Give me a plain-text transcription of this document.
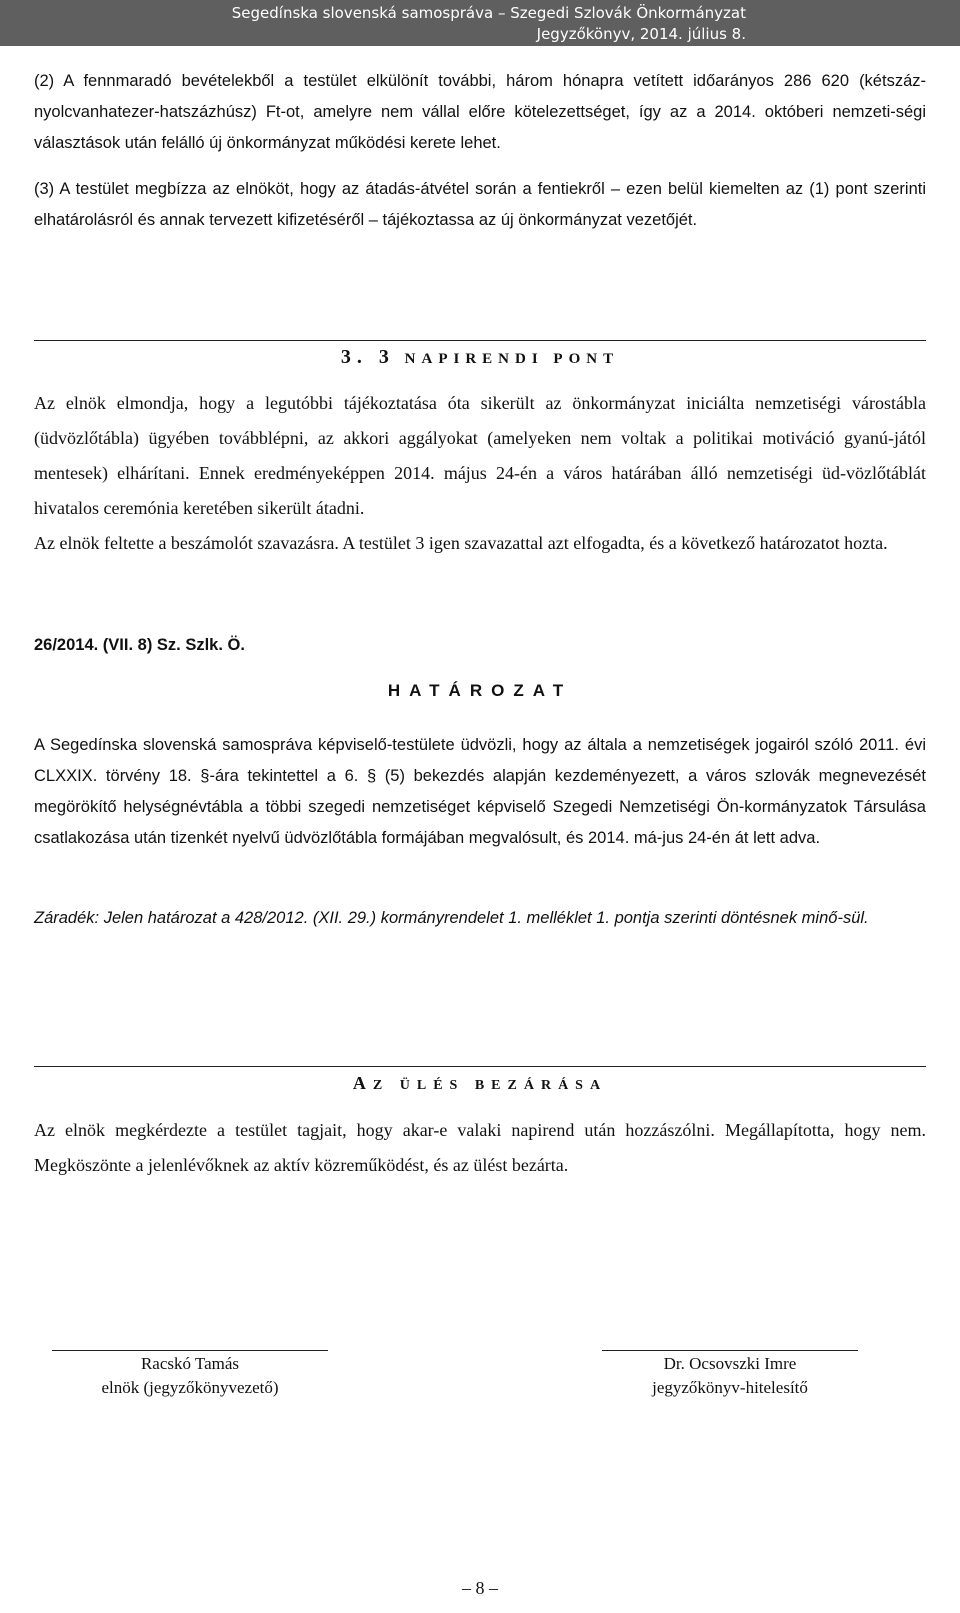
Segedínska slovenská samospráva – Szegedi Szlovák Önkormányzat
Jegyzőkönyv, 2014. július 8.

(2) A fennmaradó bevételekből a testület elkülönít további, három hónapra vetített időarányos 286 620 (kétszáz-nyolcvanhatezer-hatszázhúsz) Ft-ot, amelyre nem vállal előre kötelezettséget, így az a 2014. októberi nemzeti-ségi választások után felálló új önkormányzat működési kerete lehet.

(3) A testület megbízza az elnököt, hogy az átadás-átvétel során a fentiekről – ezen belül kiemelten az (1) pont szerinti elhatárolásról és annak tervezett kifizetéséről – tájékoztassa az új önkormányzat vezetőjét.

3. 3 NAPIRENDI PONT

Az elnök elmondja, hogy a legutóbbi tájékoztatása óta sikerült az önkormányzat iniciálta nemzetiségi várostábla (üdvözlőtábla) ügyében továbblépni, az akkori aggályokat (amelyeken nem voltak a politikai motiváció gyanú-jától mentesek) elhárítani. Ennek eredményeképpen 2014. május 24-én a város határában álló nemzetiségi üd-vözlőtáblát hivatalos ceremónia keretében sikerült átadni.

Az elnök feltette a beszámolót szavazásra. A testület 3 igen szavazattal azt elfogadta, és a következő határozatot hozta.

26/2014. (VII. 8) Sz. Szlk. Ö.
HATÁROZAT

A Segedínska slovenská samospráva képviselő-testülete üdvözli, hogy az általa a nemzetiségek jogairól szóló 2011. évi CLXXIX. törvény 18. §-ára tekintettel a 6. § (5) bekezdés alapján kezdeményezett, a város szlovák megnevezését megörökítő helységnévtábla a többi szegedi nemzetiséget képviselő Szegedi Nemzetiségi Ön-kormányzatok Társulása csatlakozása után tizenkét nyelvű üdvözlőtábla formájában megvalósult, és 2014. má-jus 24-én át lett adva.

Záradék: Jelen határozat a 428/2012. (XII. 29.) kormányrendelet 1. melléklet 1. pontja szerinti döntésnek minő-sül.

AZ ÜLÉS BEZÁRÁSA

Az elnök megkérdezte a testület tagjait, hogy akar-e valaki napirend után hozzászólni. Megállapította, hogy nem. Megköszönte a jelenlévőknek az aktív közreműködést, és az ülést bezárta.

Racskó Tamás
elnök (jegyzőkönyvezető)
Dr. Ocsovszki Imre
jegyzőkönyv-hitelesítő
– 8 –
